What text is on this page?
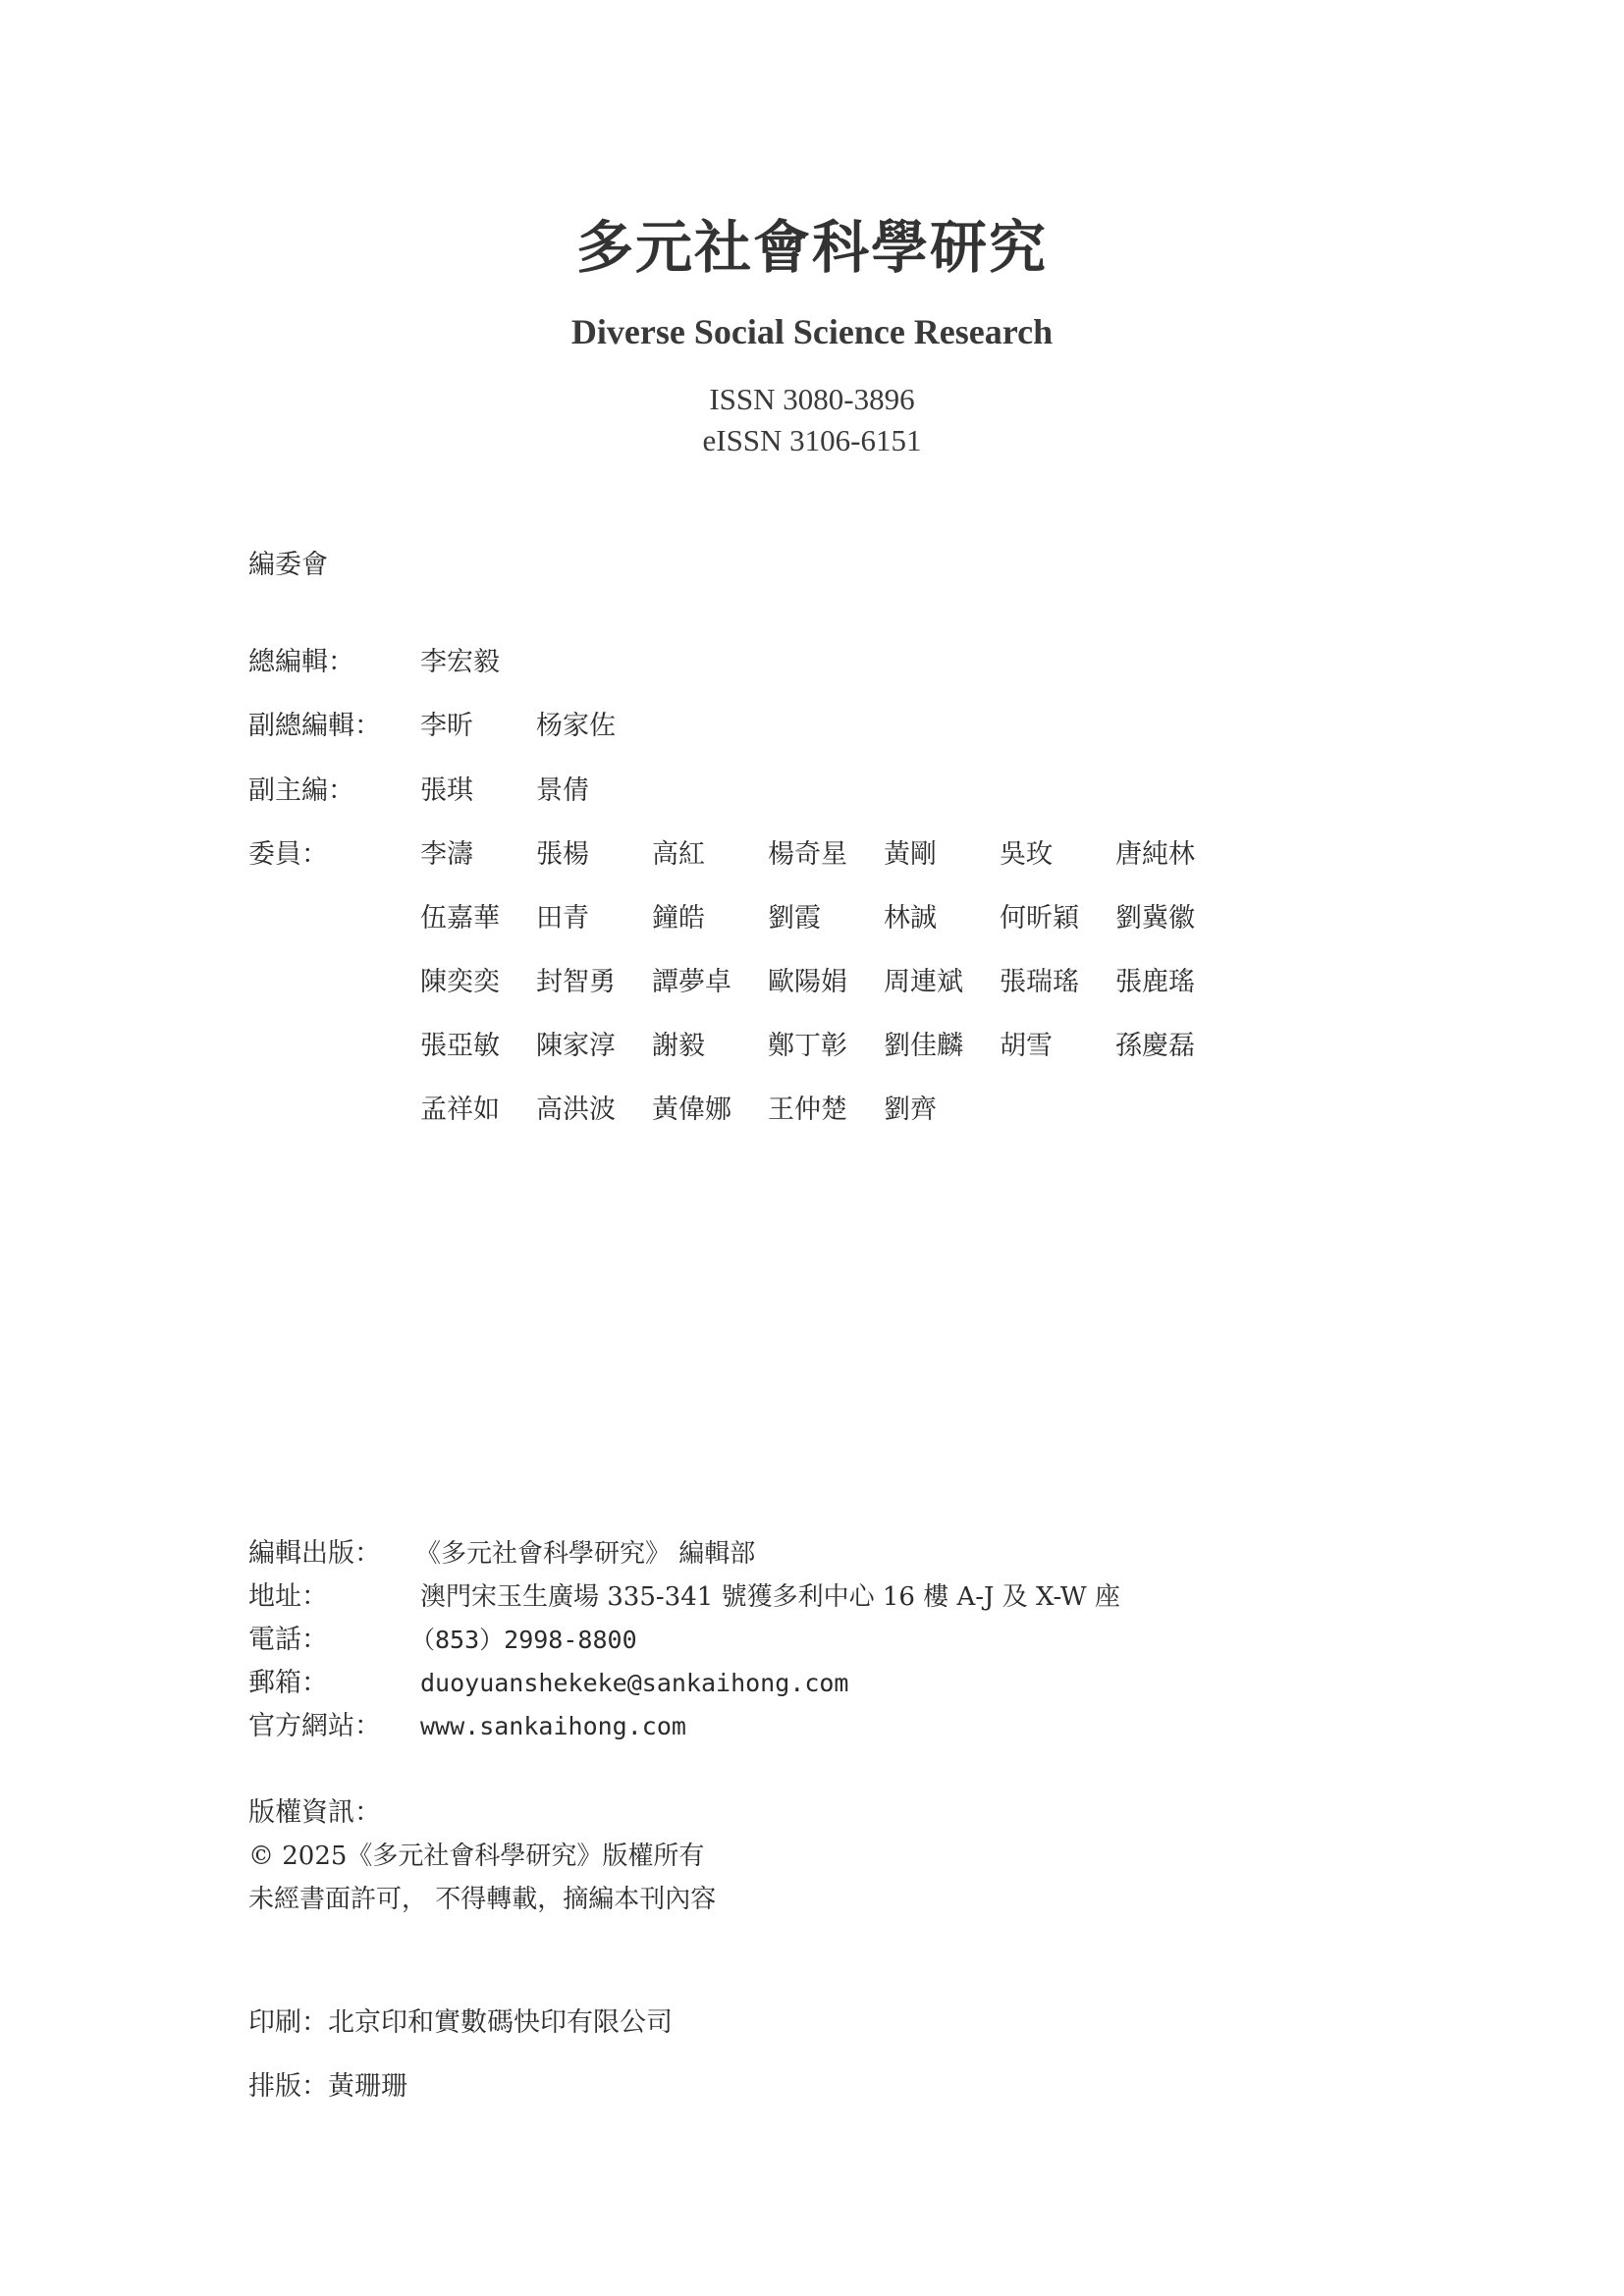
多元社會科學研究
Diverse Social Science Research
ISSN 3080-3896
eISSN 3106-6151
編委會
總編輯： 李宏毅
副總編輯： 李昕 杨家佐
副主編： 張琪 景倩
委員：	李濤 張楊 高紅 楊奇星 黃剛 吳玫 唐純林
伍嘉華 田青 鐘皓 劉霞 林誠 何昕穎 劉冀徽
陳奕奕 封智勇 譚夢卓 歐陽娟 周連斌 張瑞瑤 張鹿瑤
張亞敏 陳家淳 謝毅 鄭丁彰 劉佳麟 胡雪 孫慶磊
孟祥如 高洪波 黃偉娜 王仲楚 劉齊
編輯出版： 《多元社會科學研究》 編輯部
地址：	澳門宋玉生廣場 335-341 號獲多利中心 16 樓 A-J 及 X-W 座
電話：	（853）2998-8800
郵箱：	duoyuanshekeke@sankaihong.com
官方網站： www.sankaihong.com
版權資訊：
© 2025《多元社會科學研究》版權所有
未經書面許可， 不得轉載，摘編本刊內容
印刷：北京印和實數碼快印有限公司
排版：黃珊珊
